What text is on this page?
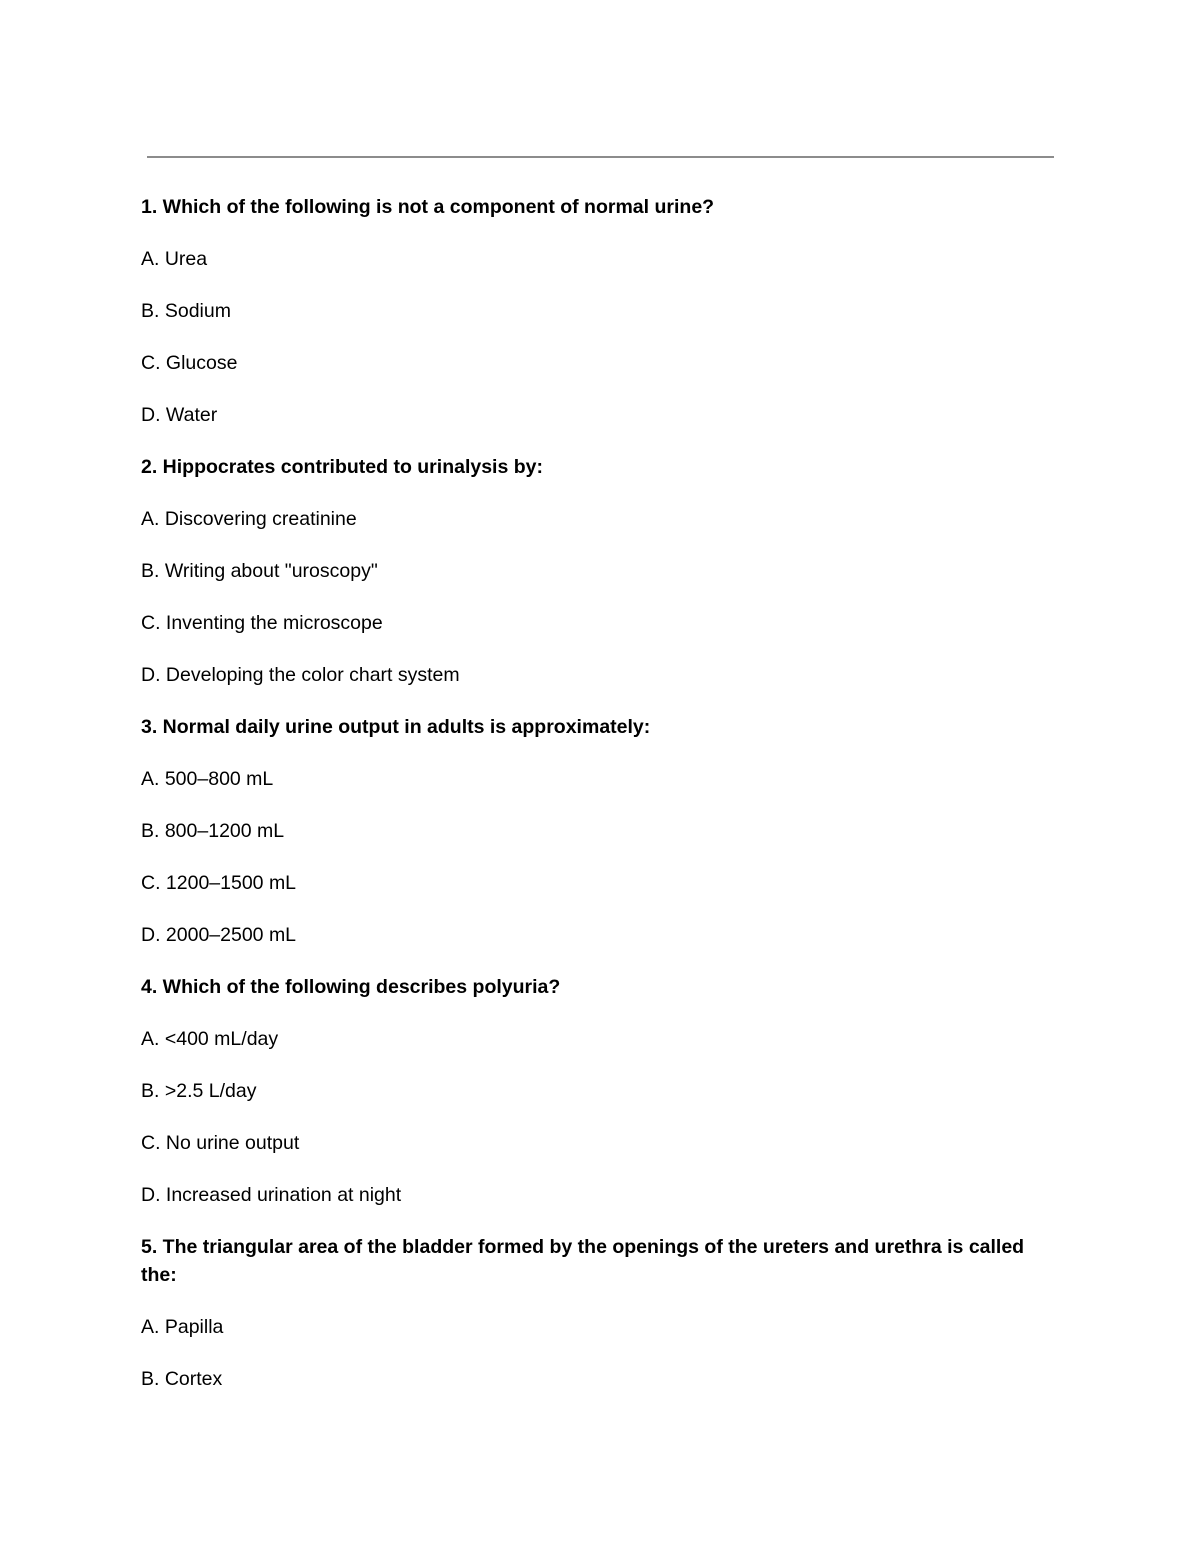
1. Which of the following is not a component of normal urine?

A. Urea

B. Sodium

C. Glucose

D. Water

2. Hippocrates contributed to urinalysis by:

A. Discovering creatinine

B. Writing about "uroscopy"

C. Inventing the microscope

D. Developing the color chart system

3. Normal daily urine output in adults is approximately:

A. 500–800 mL

B. 800–1200 mL

C. 1200–1500 mL

D. 2000–2500 mL

4. Which of the following describes polyuria?

A. <400 mL/day

B. >2.5 L/day

C. No urine output

D. Increased urination at night

5. The triangular area of the bladder formed by the openings of the ureters and urethra is called the:

A. Papilla

B. Cortex
